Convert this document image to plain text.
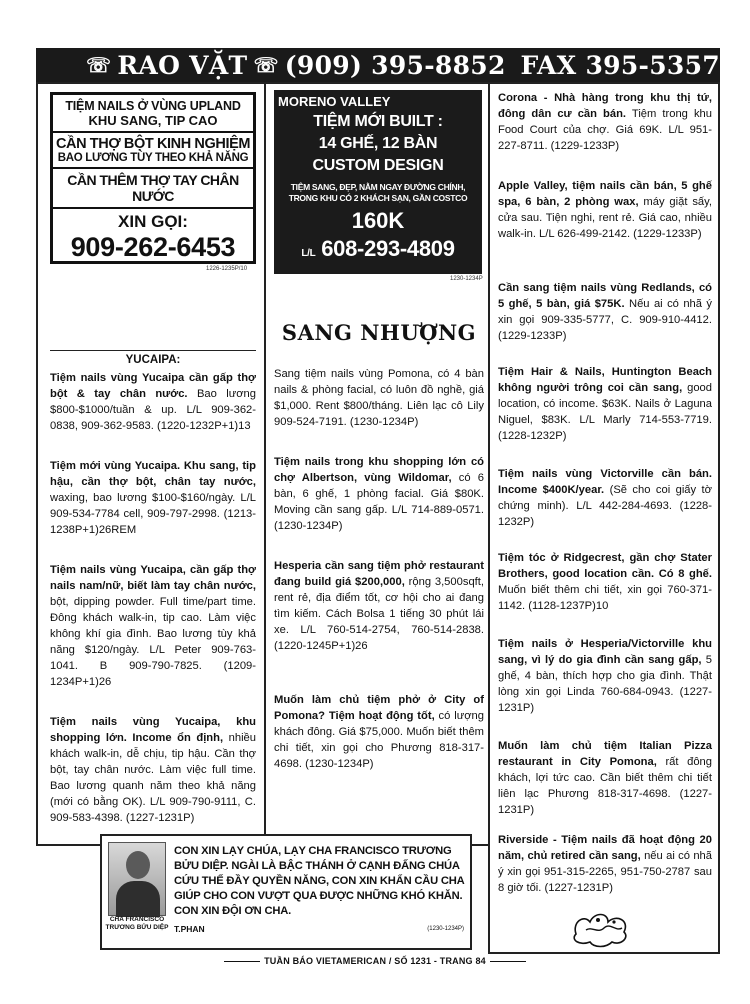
☏ RAO VẶT ☏ (909) 395-8852 FAX 395-5357
TIỆM NAILS Ở VÙNG UPLAND
KHU SANG, TIP CAO
CẦN THỢ BỘT KINH NGHIỆM
BAO LƯƠNG TÙY THEO KHẢ NĂNG
CẦN THÊM THỢ TAY CHÂN NƯỚC
XIN GỌI:
909-262-6453
1226-1235P/10
YUCAIPA:
Tiệm nails vùng Yucaipa cần gấp thợ bột & tay chân nước. Bao lương $800-$1000/tuần & up. L/L 909-362-0838, 909-362-9583. (1220-1232P+1)13
Tiệm mới vùng Yucaipa. Khu sang, tip hậu, cần thợ bột, chân tay nước, waxing, bao lương $100-$160/ngày. L/L 909-534-7784 cell, 909-797-2998. (1213-1238P+1)26REM
Tiệm nails vùng Yucaipa, cần gấp thợ nails nam/nữ, biết làm tay chân nước, bột, dipping powder. Full time/part time. Đông khách walk-in, tip cao. Làm việc không khí gia đình. Bao lương tùy khả năng $120/ngày. L/L Peter 909-763-1041. B 909-790-7825. (1209-1234P+1)26
Tiệm nails vùng Yucaipa, khu shopping lớn. Income ổn định, nhiều khách walk-in, dễ chịu, tip hậu. Cần thợ bột, tay chân nước. Làm việc full time. Bao lương quanh năm theo khả năng (mới có bằng OK). L/L 909-790-9111, C. 909-583-4398. (1227-1231P)
MORENO VALLEY
TIỆM MỚI BUILT :
14 GHẾ, 12 BÀN
CUSTOM DESIGN
TIỆM SANG, ĐẸP, NẰM NGAY ĐƯỜNG CHÍNH,
TRONG KHU CÓ 2 KHÁCH SẠN, GẦN COSTCO
160K
L/L 608-293-4809
1230-1234P
SANG NHƯỢNG
Sang tiệm nails vùng Pomona, có 4 bàn nails & phòng facial, có luôn đồ nghề, giá $1,000. Rent $800/tháng. Liên lạc cô Lily 909-524-7191. (1230-1234P)
Tiệm nails trong khu shopping lớn có chợ Albertson, vùng Wildomar, có 6 bàn, 6 ghế, 1 phòng facial. Giá $80K. Moving cần sang gấp. L/L 714-889-0571. (1230-1234P)
Hesperia cần sang tiệm phở restaurant đang build giá $200,000, rộng 3,500sqft, rent rẻ, địa điểm tốt, cơ hội cho ai đang tìm kiếm. Cách Bolsa 1 tiếng 30 phút lái xe. L/L 760-514-2754, 760-514-2838. (1220-1245P+1)26
Muốn làm chủ tiệm phở ở City of Pomona? Tiệm hoạt động tốt, có lượng khách đông. Giá $75,000. Muốn biết thêm chi tiết, xin gọi cho Phương 818-317-4698. (1230-1234P)
Corona - Nhà hàng trong khu thị tứ, đông dân cư cần bán. Tiệm trong khu Food Court của chợ. Giá 69K. L/L 951-227-8711. (1229-1233P)
Apple Valley, tiệm nails cần bán, 5 ghế spa, 6 bàn, 2 phòng wax, máy giặt sấy, cửa sau. Tiện nghi, rent rẻ. Giá cao, nhiều walk-in. L/L 626-499-2142. (1229-1233P)
Cần sang tiệm nails vùng Redlands, có 5 ghế, 5 bàn, giá $75K. Nếu ai có nhã ý xin gọi 909-335-5777, C. 909-910-4412. (1229-1233P)
Tiệm Hair & Nails, Huntington Beach không người trông coi cần sang, good location, có income. $63K. Nails ở Laguna Niguel, $83K. L/L Marly 714-553-7719. (1228-1232P)
Tiệm nails vùng Victorville cần bán. Income $400K/year. (Sẽ cho coi giấy tờ chứng minh). L/L 442-284-4693. (1228-1232P)
Tiệm tóc ở Ridgecrest, gần chợ Stater Brothers, good location cần. Có 8 ghế. Muốn biết thêm chi tiết, xin gọi 760-371-1142. (1128-1237P)10
Tiệm nails ở Hesperia/Victorville khu sang, vì lý do gia đình cần sang gấp, 5 ghế, 4 bàn, thích hợp cho gia đình. Thật lòng xin gọi Linda 760-684-0943. (1227-1231P)
Muốn làm chủ tiệm Italian Pizza restaurant in City Pomona, rất đông khách, lợi tức cao. Cần biết thêm chi tiết liên lạc Phương 818-317-4698. (1227-1231P)
Riverside - Tiệm nails đã hoạt động 20 năm, chủ retired cần sang, nếu ai có nhã ý xin gọi 951-315-2265, 951-750-2787 sau 8 giờ tối. (1227-1231P)
CHA FRANCISCO
TRƯƠNG BỬU DIỆP
CON XIN LẠY CHÚA, LẠY CHA FRANCISCO TRƯƠNG BỬU DIỆP. NGÀI LÀ BẬC THÁNH Ở CẠNH ĐẤNG CHÚA CỨU THẾ ĐẦY QUYỀN NĂNG, CON XIN KHẨN CẦU CHA GIÚP CHO CON VƯỢT QUA ĐƯỢC NHỮNG KHÓ KHĂN. CON XIN ĐỘI ƠN CHA.
T.PHAN	(1230-1234P)
TUẦN BÁO VIETAMERICAN / SỐ 1231 - TRANG 84
